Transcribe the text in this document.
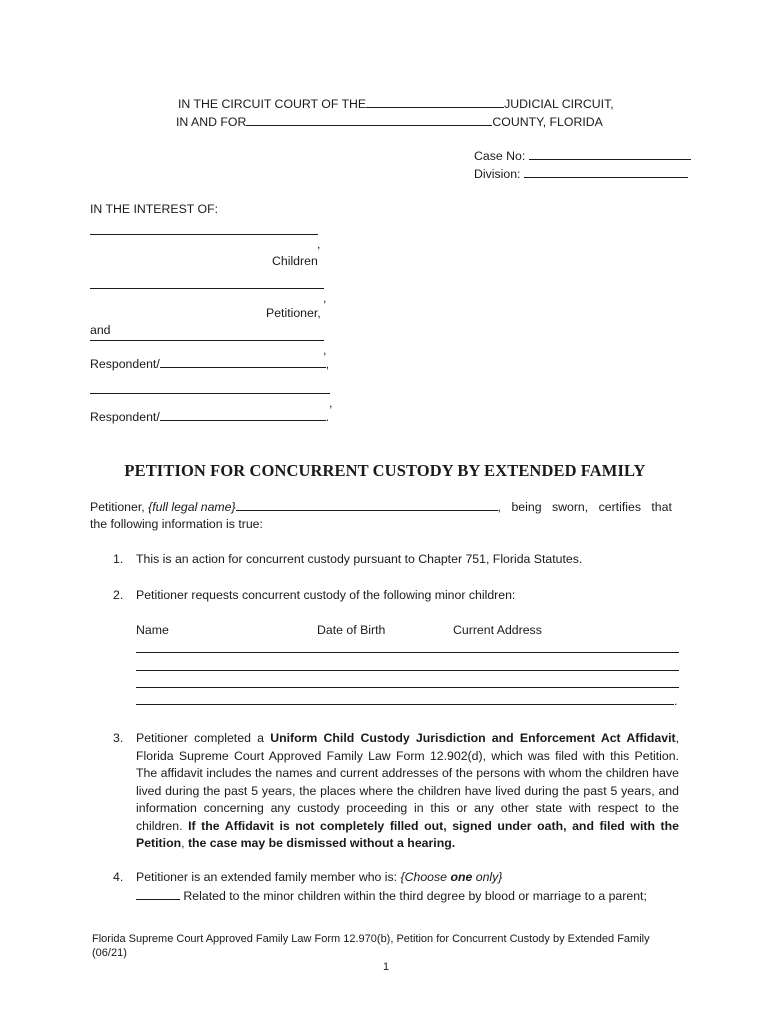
IN THE CIRCUIT COURT OF THE	JUDICIAL CIRCUIT,
IN AND FOR	COUNTY, FLORIDA
Case No:
Division:
IN THE INTEREST OF:
,
Children
,
Petitioner,
and
,
Respondent/	,
,
Respondent/	.
PETITION FOR CONCURRENT CUSTODY BY EXTENDED FAMILY
Petitioner, {full legal name}	, being sworn, certifies that
the following information is true:
1. This is an action for concurrent custody pursuant to Chapter 751, Florida Statutes.
2. Petitioner requests concurrent custody of the following minor children:
Name	Date of Birth	Current Address
.
3. Petitioner completed a Uniform Child Custody Jurisdiction and Enforcement Act Affidavit, Florida Supreme Court Approved Family Law Form 12.902(d), which was filed with this Petition. The affidavit includes the names and current addresses of the persons with whom the children have lived during the past 5 years, the places where the children have lived during the past 5 years, and information concerning any custody proceeding in this or any other state with respect to the children. If the Affidavit is not completely filled out, signed under oath, and filed with the Petition, the case may be dismissed without a hearing.
4. Petitioner is an extended family member who is: {Choose one only}
Related to the minor children within the third degree by blood or marriage to a parent;
Florida Supreme Court Approved Family Law Form 12.970(b), Petition for Concurrent Custody by Extended Family
(06/21)
1
